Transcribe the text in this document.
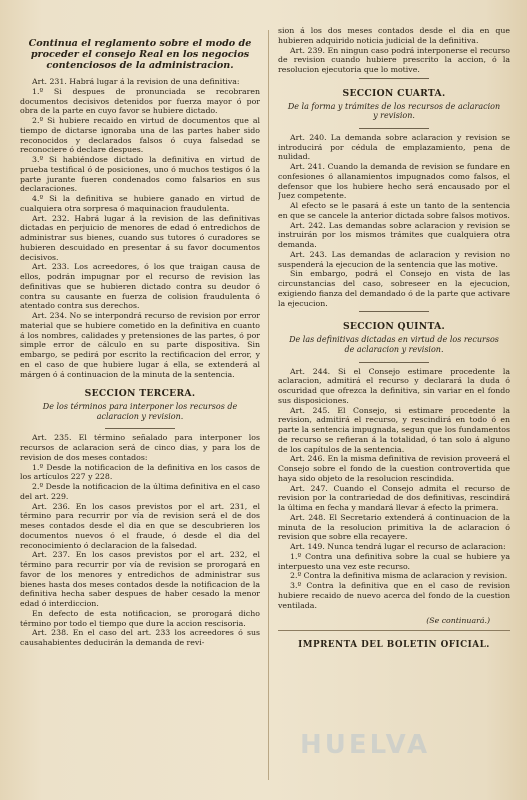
Continua el reglamento sobre el modo de proceder el consejo Real en los negocios contenciosos de la administracion.

Art. 231. Habrá lugar á la revision de una definitiva:

1.º Si despues de pronunciada se recobraren documentos decisivos detenidos por fuerza mayor ó por obra de la parte en cuyo favor se hubiere dictado.

2.º Si hubiere recaido en virtud de documentos que al tiempo de dictarse ignoraba una de las partes haber sido reconocidos y declarados falsos ó cuya falsedad se reconociere ó declare despues.

3.º Si habiéndose dictado la definitiva en virtud de prueba testifical ó de posiciones, uno ó muchos testigos ó la parte jurante fueren condenados como falsarios en sus declaraciones.

4.º Si la definitiva se hubiere ganado en virtud de cualquiera otra sorpresa ó maquinacion fraudulenta.

Art. 232. Habrá lugar á la revision de las definitivas dictadas en perjuicio de menores de edad ó entredichos de administrar sus bienes, cuando sus tutores ó curadores se hubieren descuidado en presentar á su favor documentos decisivos.

Art. 233. Los acreedores, ó los que traigan causa de ellos, podrán impugnar por el recurso de revision las definitivas que se hubieren dictado contra su deudor ó contra su causante en fuerza de colision fraudulenta ó atentado contra sus derechos.

Art. 234. No se interpondrá recurso de revision por error material que se hubiere cometido en la definitiva en cuanto á los nombres, calidades y pretensiones de las partes, ó por simple error de cálculo en su parte dispositiva. Sin embargo, se pedirá por escrito la rectificacion del error, y en el caso de que hubiere lugar á ella, se extenderá al márgen ó á continuacion de la minuta de la sentencia.

SECCION TERCERA.
De los términos para interponer los recursos de aclaracion y revision.

Art. 235. El término señalado para interponer los recursos de aclaracion será de cinco dias, y para los de revision de dos meses contados:

1.º Desde la notificacion de la definitiva en los casos de los artículos 227 y 228.

2.º Desde la notificacion de la última definitiva en el caso del art. 229.

Art. 236. En los casos previstos por el art. 231, el término para recurrir por vía de revision será el de dos meses contados desde el dia en que se descubrieren los documentos nuevos ó el fraude, ó desde el dia del reconocimiento ó declaracion de la falsedad.

Art. 237. En los casos previstos por el art. 232, el término para recurrir por vía de revision se prorogará en favor de los menores y entredichos de administrar sus bienes hasta dos meses contados desde la notificacion de la definitiva hecha saber despues de haber cesado la menor edad ó interdiccion.

En defecto de esta notificacion, se prorogará dicho término por todo el tiempo que dure la accion rescisoria.

Art. 238. En el caso del art. 233 los acreedores ó sus causahabientes deducirán la demanda de revi-

sion á los dos meses contados desde el dia en que hubieren adquirido noticia judicial de la definitiva.

Art. 239. En ningun caso podrá interponerse el recurso de revision cuando hubiere prescrito la accion, ó la resolucion ejecutoria que lo motive.

SECCION CUARTA.
De la forma y trámites de los recursos de aclaracion y revision.

Art. 240. La demanda sobre aclaracion y revision se introducirá por cédula de emplazamiento, pena de nulidad.

Art. 241. Cuando la demanda de revision se fundare en confesiones ó allanamientos impugnados como falsos, el defensor que los hubiere hecho será encausado por el Juez competente.

Al efecto se le pasará á este un tanto de la sentencia en que se cancele la anterior dictada sobre falsos motivos.

Art. 242. Las demandas sobre aclaracion y revision se instruirán por los mismos trámites que cualquiera otra demanda.

Art. 243. Las demandas de aclaracion y revision no suspenderá la ejecucion de la sentencia que las motive.

Sin embargo, podrá el Consejo en vista de las circunstancias del caso, sobreseer en la ejecucion, exigiendo fianza del demandado ó de la parte que activare la ejecucion.

SECCION QUINTA.
De las definitivas dictadas en virtud de los recursos de aclaracion y revision.

Art. 244. Si el Consejo estimare procedente la aclaracion, admitirá el recurso y declarará la duda ó oscuridad que ofrezca la definitiva, sin variar en el fondo sus disposiciones.

Art. 245. El Consejo, si estimare procedente la revision, admitirá el recurso, y rescindirá en todo ó en parte la sentencia impugnada, segun que los fundamentos de recurso se refieran á la totalidad, ó tan solo á alguno de los capítulos de la sentencia.

Art. 246. En la misma definitiva de revision proveerá el Consejo sobre el fondo de la cuestion controvertida que haya sido objeto de la resolucion rescindida.

Art. 247. Cuando el Consejo admita el recurso de revision por la contrariedad de dos definitivas, rescindirá la última en fecha y mandará llevar á efecto la primera.

Art. 248. El Secretario extenderá á continuacion de la minuta de la resolucion primitiva la de aclaracion ó revision que sobre ella recayere.

Art. 149. Nunca tendrá lugar el recurso de aclaracion:

1.º Contra una definitiva sobre la cual se hubiere ya interpuesto una vez este recurso.

2.º Contra la definitiva misma de aclaracion y revision.

3.º Contra la definitiva que en el caso de revision hubiere recaido de nuevo acerca del fondo de la cuestion ventilada.

(Se continuará.)
IMPRENTA DEL BOLETIN OFICIAL.
HUELVA
